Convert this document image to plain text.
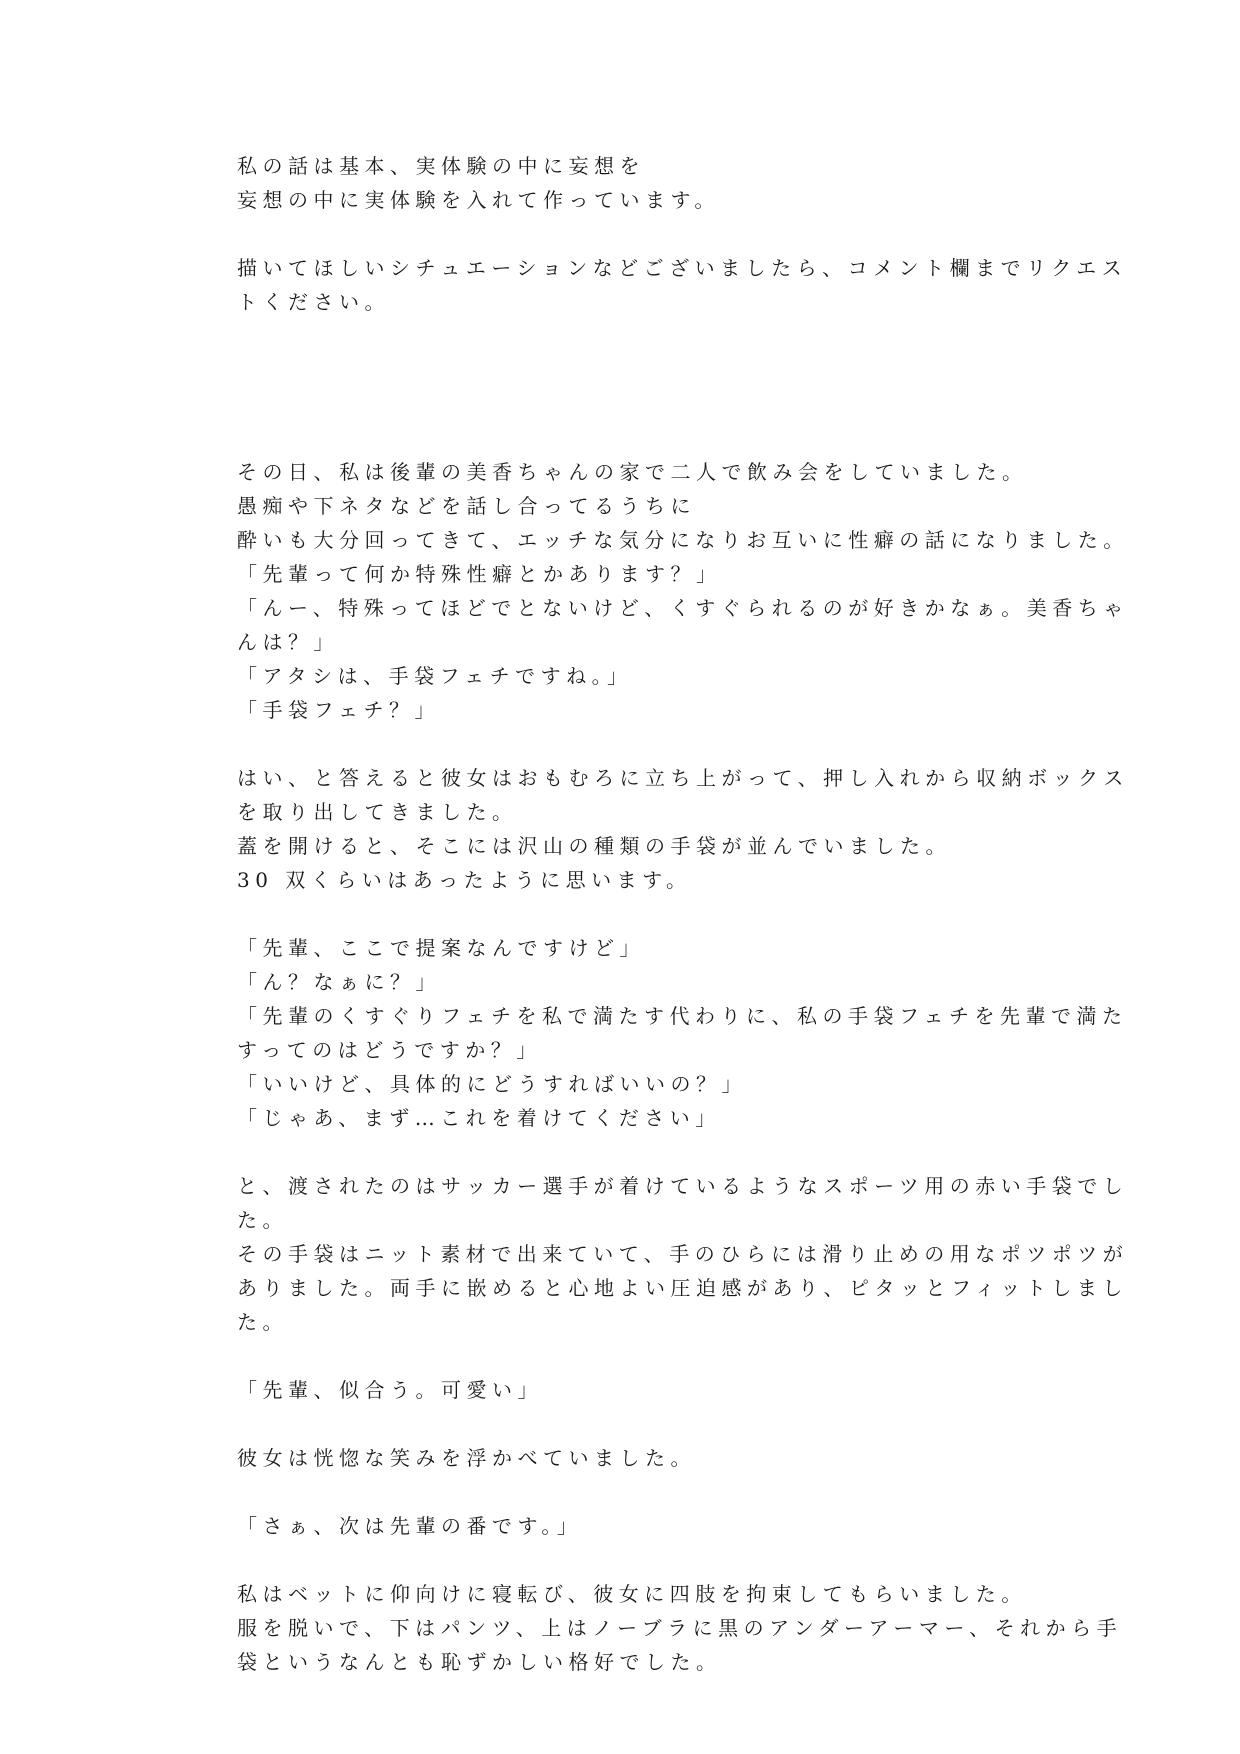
私の話は基本、実体験の中に妄想を
妄想の中に実体験を入れて作っています。
描いてほしいシチュエーションなどございましたら、コメント欄までリクエス
トください。
その日、私は後輩の美香ちゃんの家で二人で飲み会をしていました。
愚痴や下ネタなどを話し合ってるうちに
酔いも大分回ってきて、エッチな気分になりお互いに性癖の話になりました。
「先輩って何か特殊性癖とかあります？」
「んー、特殊ってほどでとないけど、くすぐられるのが好きかなぁ。美香ちゃ
んは？」
「アタシは、手袋フェチですね。」
「手袋フェチ？」
はい、と答えると彼女はおもむろに立ち上がって、押し入れから収納ボックス
を取り出してきました。
蓋を開けると、そこには沢山の種類の手袋が並んでいました。
30 双くらいはあったように思います。
「先輩、ここで提案なんですけど」
「ん？なぁに？」
「先輩のくすぐりフェチを私で満たす代わりに、私の手袋フェチを先輩で満た
すってのはどうですか？」
「いいけど、具体的にどうすればいいの？」
「じゃあ、まず…これを着けてください」
と、渡されたのはサッカー選手が着けているようなスポーツ用の赤い手袋でし
た。
その手袋はニット素材で出来ていて、手のひらには滑り止めの用なポツポツが
ありました。両手に嵌めると心地よい圧迫感があり、ピタッとフィットしまし
た。
「先輩、似合う。可愛い」
彼女は恍惚な笑みを浮かべていました。
「さぁ、次は先輩の番です。」
私はベットに仰向けに寝転び、彼女に四肢を拘束してもらいました。
服を脱いで、下はパンツ、上はノーブラに黒のアンダーアーマー、それから手
袋というなんとも恥ずかしい格好でした。
